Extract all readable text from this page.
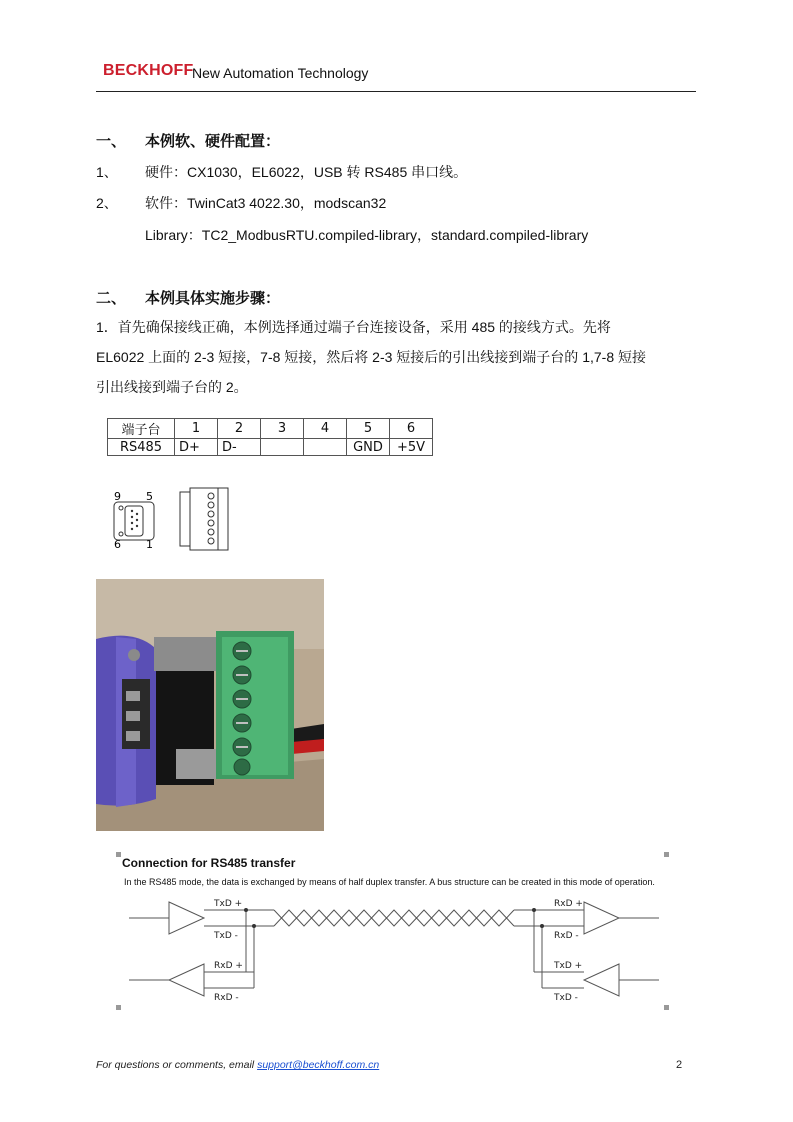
BECKHOFF
New Automation Technology
一、 本例软、硬件配置：
1、 硬件：CX1030，EL6022，USB 转 RS485 串口线。
2、 软件：TwinCat3 4022.30，modscan32
Library：TC2_ModbusRTU.compiled-library，standard.compiled-library
二、 本例具体实施步骤：
1．首先确保接线正确，本例选择通过端子台连接设备，采用 485 的接线方式。先将
EL6022 上面的 2-3 短接，7-8 短接，然后将 2-3 短接后的引出线接到端子台的 1,7-8 短接
引出线接到端子台的 2。
端子台	1	2	3	4	5	6
RS485	D+	D-			GND	+5V
9 5
6 1
Connection for RS485 transfer
In the RS485 mode, the data is exchanged by means of half duplex transfer. A bus structure can be created in this mode of operation.
TxD +
TxD -
RxD +
RxD -
RxD +
RxD -
TxD +
TxD -
For questions or comments, email support@beckhoff.com.cn	2
